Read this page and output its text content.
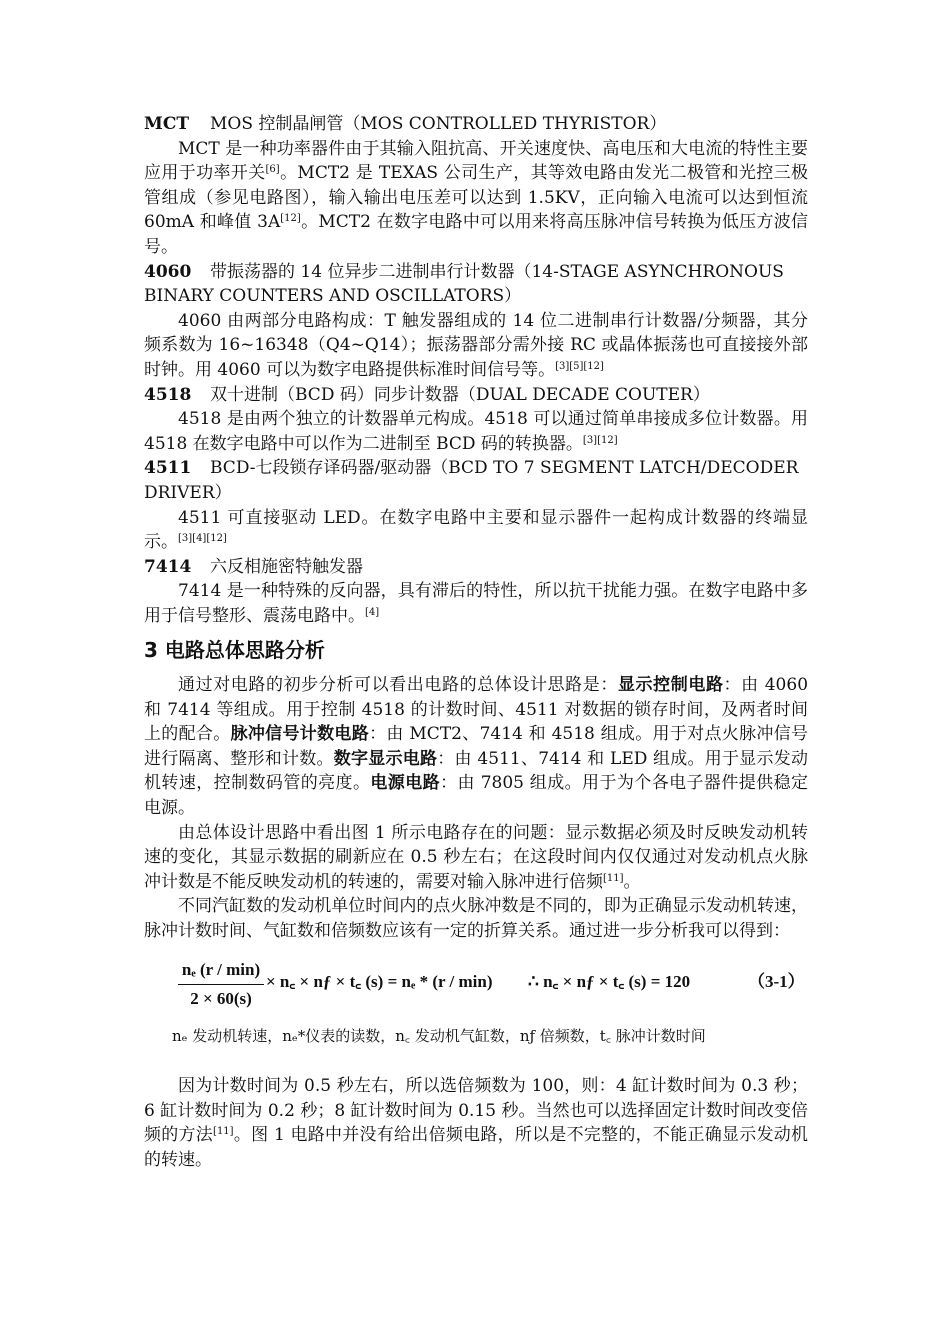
MCT MOS 控制晶闸管（MOS CONTROLLED THYRISTOR）

MCT 是一种功率器件由于其输入阻抗高、开关速度快、高电压和大电流的特性主要应用于功率开关[6]。MCT2 是 TEXAS 公司生产，其等效电路由发光二极管和光控三极管组成（参见电路图），输入输出电压差可以达到 1.5KV，正向输入电流可以达到恒流 60mA 和峰值 3A[12]。MCT2 在数字电路中可以用来将高压脉冲信号转换为低压方波信号。

4060 带振荡器的 14 位异步二进制串行计数器（14-STAGE ASYNCHRONOUS BINARY COUNTERS AND OSCILLATORS）

4060 由两部分电路构成：T 触发器组成的 14 位二进制串行计数器/分频器，其分频系数为 16~16348（Q4~Q14）；振荡器部分需外接 RC 或晶体振荡也可直接接外部时钟。用 4060 可以为数字电路提供标准时间信号等。[3][5][12]

4518 双十进制（BCD 码）同步计数器（DUAL DECADE COUTER）

4518 是由两个独立的计数器单元构成。4518 可以通过简单串接成多位计数器。用 4518 在数字电路中可以作为二进制至 BCD 码的转换器。[3][12]

4511 BCD-七段锁存译码器/驱动器（BCD TO 7 SEGMENT LATCH/DECODER DRIVER）

4511 可直接驱动 LED。在数字电路中主要和显示器件一起构成计数器的终端显示。[3][4][12]

7414 六反相施密特触发器

7414 是一种特殊的反向器，具有滞后的特性，所以抗干扰能力强。在数字电路中多用于信号整形、震荡电路中。[4]

3 电路总体思路分析

通过对电路的初步分析可以看出电路的总体设计思路是：显示控制电路：由 4060 和 7414 等组成。用于控制 4518 的计数时间、4511 对数据的锁存时间，及两者时间上的配合。脉冲信号计数电路：由 MCT2、7414 和 4518 组成。用于对点火脉冲信号进行隔离、整形和计数。数字显示电路：由 4511、7414 和 LED 组成。用于显示发动机转速，控制数码管的亮度。电源电路：由 7805 组成。用于为个各电子器件提供稳定电源。

由总体设计思路中看出图 1 所示电路存在的问题：显示数据必须及时反映发动机转速的变化，其显示数据的刷新应在 0.5 秒左右；在这段时间内仅仅通过对发动机点火脉冲计数是不能反映发动机的转速的，需要对输入脉冲进行倍频[11]。

不同汽缸数的发动机单位时间内的点火脉冲数是不同的，即为正确显示发动机转速，脉冲计数时间、气缸数和倍频数应该有一定的折算关系。通过进一步分析我可以得到：

nₑ (r / min)
2 × 60(s)
× n꜀ × nƒ × t꜀ (s) = nₑ * (r / min) ∴ n꜀ × nƒ × t꜀ (s) = 120	（3-1）

nₑ 发动机转速，nₑ*仪表的读数，n꜀ 发动机气缸数，nƒ 倍频数，t꜀ 脉冲计数时间

因为计数时间为 0.5 秒左右，所以选倍频数为 100，则：4 缸计数时间为 0.3 秒；6 缸计数时间为 0.2 秒；8 缸计数时间为 0.15 秒。当然也可以选择固定计数时间改变倍频的方法[11]。图 1 电路中并没有给出倍频电路，所以是不完整的，不能正确显示发动机的转速。
